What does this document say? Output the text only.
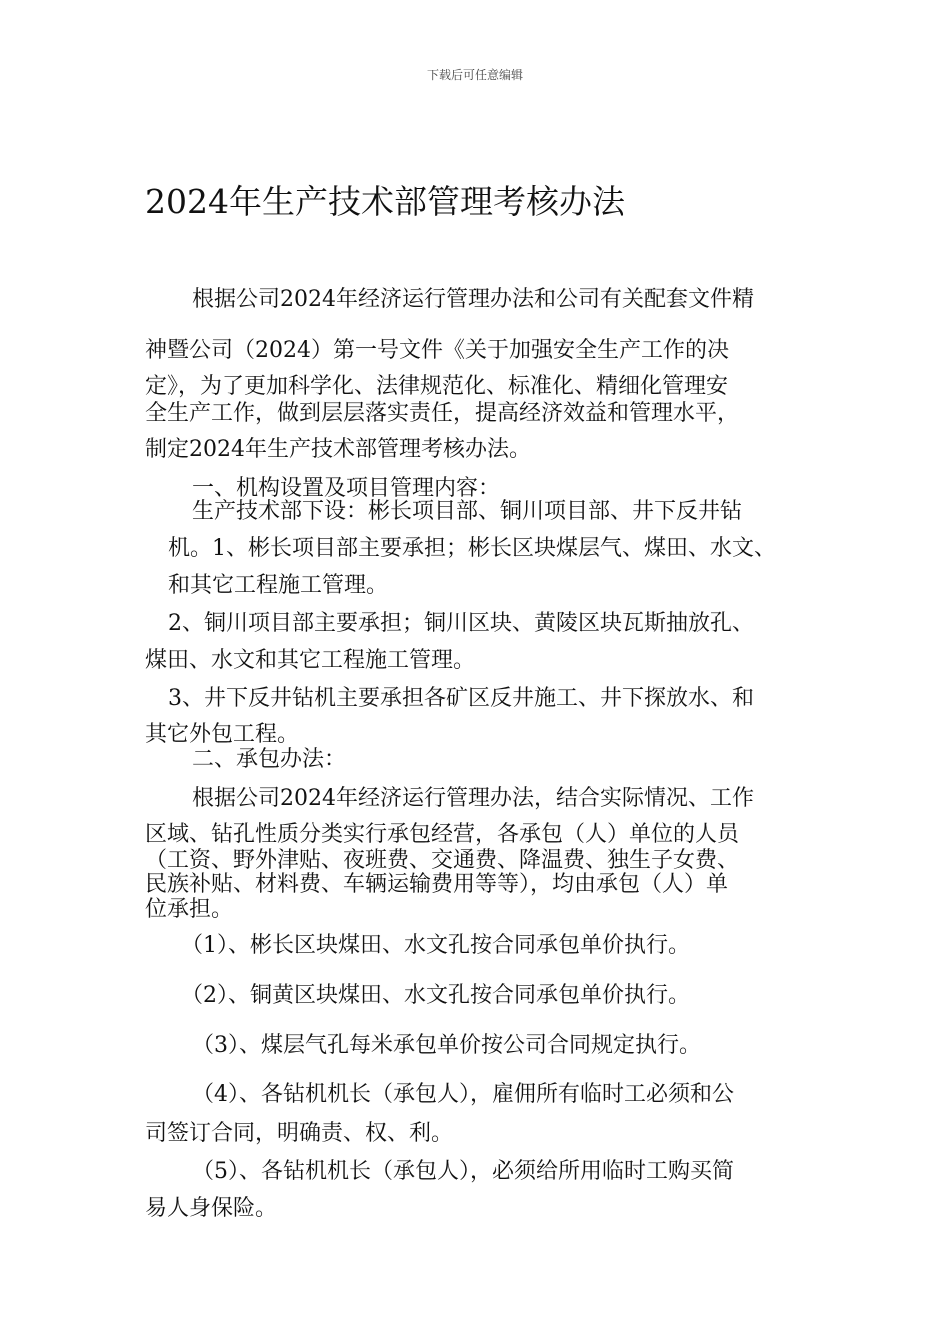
下载后可任意编辑
2024年生产技术部管理考核办法
根据公司2024年经济运行管理办法和公司有关配套文件精
神暨公司（2024）第一号文件《关于加强安全生产工作的决
定》，为了更加科学化、法律规范化、标准化、精细化管理安
全生产工作，做到层层落实责任，提高经济效益和管理水平，
制定2024年生产技术部管理考核办法。
一、机构设置及项目管理内容：
生产技术部下设：彬长项目部、铜川项目部、井下反井钻
机。1、彬长项目部主要承担；彬长区块煤层气、煤田、水文、
和其它工程施工管理。
2、铜川项目部主要承担；铜川区块、黄陵区块瓦斯抽放孔、
煤田、水文和其它工程施工管理。
3、井下反井钻机主要承担各矿区反井施工、井下探放水、和
其它外包工程。
二、承包办法：
根据公司2024年经济运行管理办法，结合实际情况、工作
区域、钻孔性质分类实行承包经营，各承包（人）单位的人员
（工资、野外津贴、夜班费、交通费、降温费、独生子女费、
民族补贴、材料费、车辆运输费用等等），均由承包（人）单
位承担。
（1）、彬长区块煤田、水文孔按合同承包单价执行。
（2）、铜黄区块煤田、水文孔按合同承包单价执行。
（3）、煤层气孔每米承包单价按公司合同规定执行。
（4）、各钻机机长（承包人），雇佣所有临时工必须和公
司签订合同，明确责、权、利。
（5）、各钻机机长（承包人），必须给所用临时工购买简
易人身保险。
